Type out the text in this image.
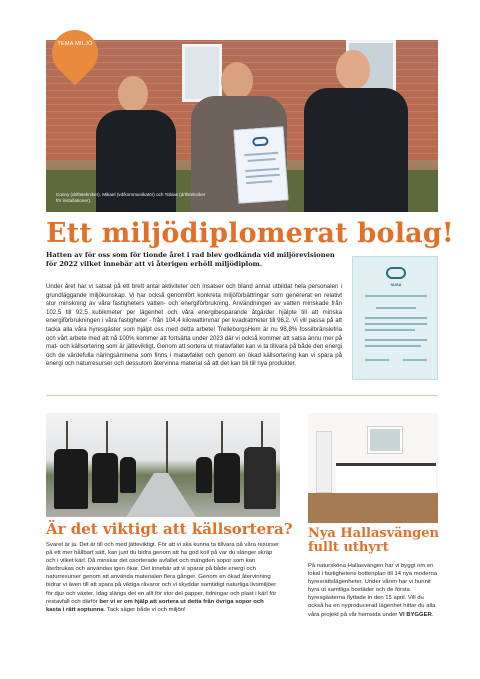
Conny (driftstekniker), Mikael (vd/kommunikatör) och Tobias (drifstekniker för installationer).
TEMA MILJÖ
Ett miljödiplomerat bolag!
Hatten av för oss som för tionde året i rad blev godkända vid miljörevisionen för 2022 vilket innebär att vi återigen erhöll miljödiplom.
Under året har vi satsat på ett brett antal aktiviteter och insatser och bland annat utbildat hela personalen i grundläggande miljökunskap. Vi har också genomfört konkreta miljöförbättringar som genererat en relativt stor minskning av våra fastigheters vatten- och energiförbrukning. Användningen av vatten minskade från 102,5 till 92,5 kubikmeter per lägenhet och våra energibesparande åtgärder hjälpte till att minska energiförbrukningen i våra fastigheter - från 104,4 kilowattimmar per kvadratmeter till 96,2. Vi vill passa på att tacka alla våra hyresgäster som hjälpt oss med detta arbete! TrelleborgsHem är nu 98,8% fossilbränslefria och vårt arbete med att nå 100% kommer att fortsätta under 2023 där vi också kommer att satsa ännu mer på mat- och källsortering som är jätteviktigt. Genom att sortera ut matavfallet kan vi ta tillvara på både den energi och de värdefulla näringsämnena som finns i matavfallet och genom en ökad källsortering kan vi spara på energi och naturresurser och dessutom återvinna material så att det kan bli till nya produkter.
SUSA
Är det viktigt att källsortera?
Svaret är ja. Det är till och med jätteviktigt. För att vi ska kunna ta tillvara på våra resurser på ett mer hållbart sätt, kan just du bidra genom att ha god koll på var du slänger skräp och i vilket kärl. Då minskar det osorterade avfallet och mängden sopor som kan återbrukas och användas igen ökar. Det innebär att vi sparar på både energi och naturresurser genom att använda materialen flera gånger. Genom en ökad återvinning bidrar vi även till att spara på viktiga råvaror och vi skyddar samtidigt naturliga livsmiljöer för djur och växter. Idag slängs det en allt för stor del papper, tidningar och plast i kärl för restavfall och därför ber vi er om hjälp att sortera ut detta från övriga sopor och kasta i rätt soptunna. Tack säger både vi och miljön!
Nya Hallasvängen fullt uthyrt
På natursköna Hallasvängen har vi byggt om en lokal i fastighetens bottenplan till 14 nya moderna hyresrättslägenheter. Under våren har vi hunnit hyra ut samtliga bostäder och de första hyresgästerna flyttade in den 15 april. Vill du också ha en nyproducerad lägenhet hittar du alla våra projekt på vår hemsida under VI BYGGER.
